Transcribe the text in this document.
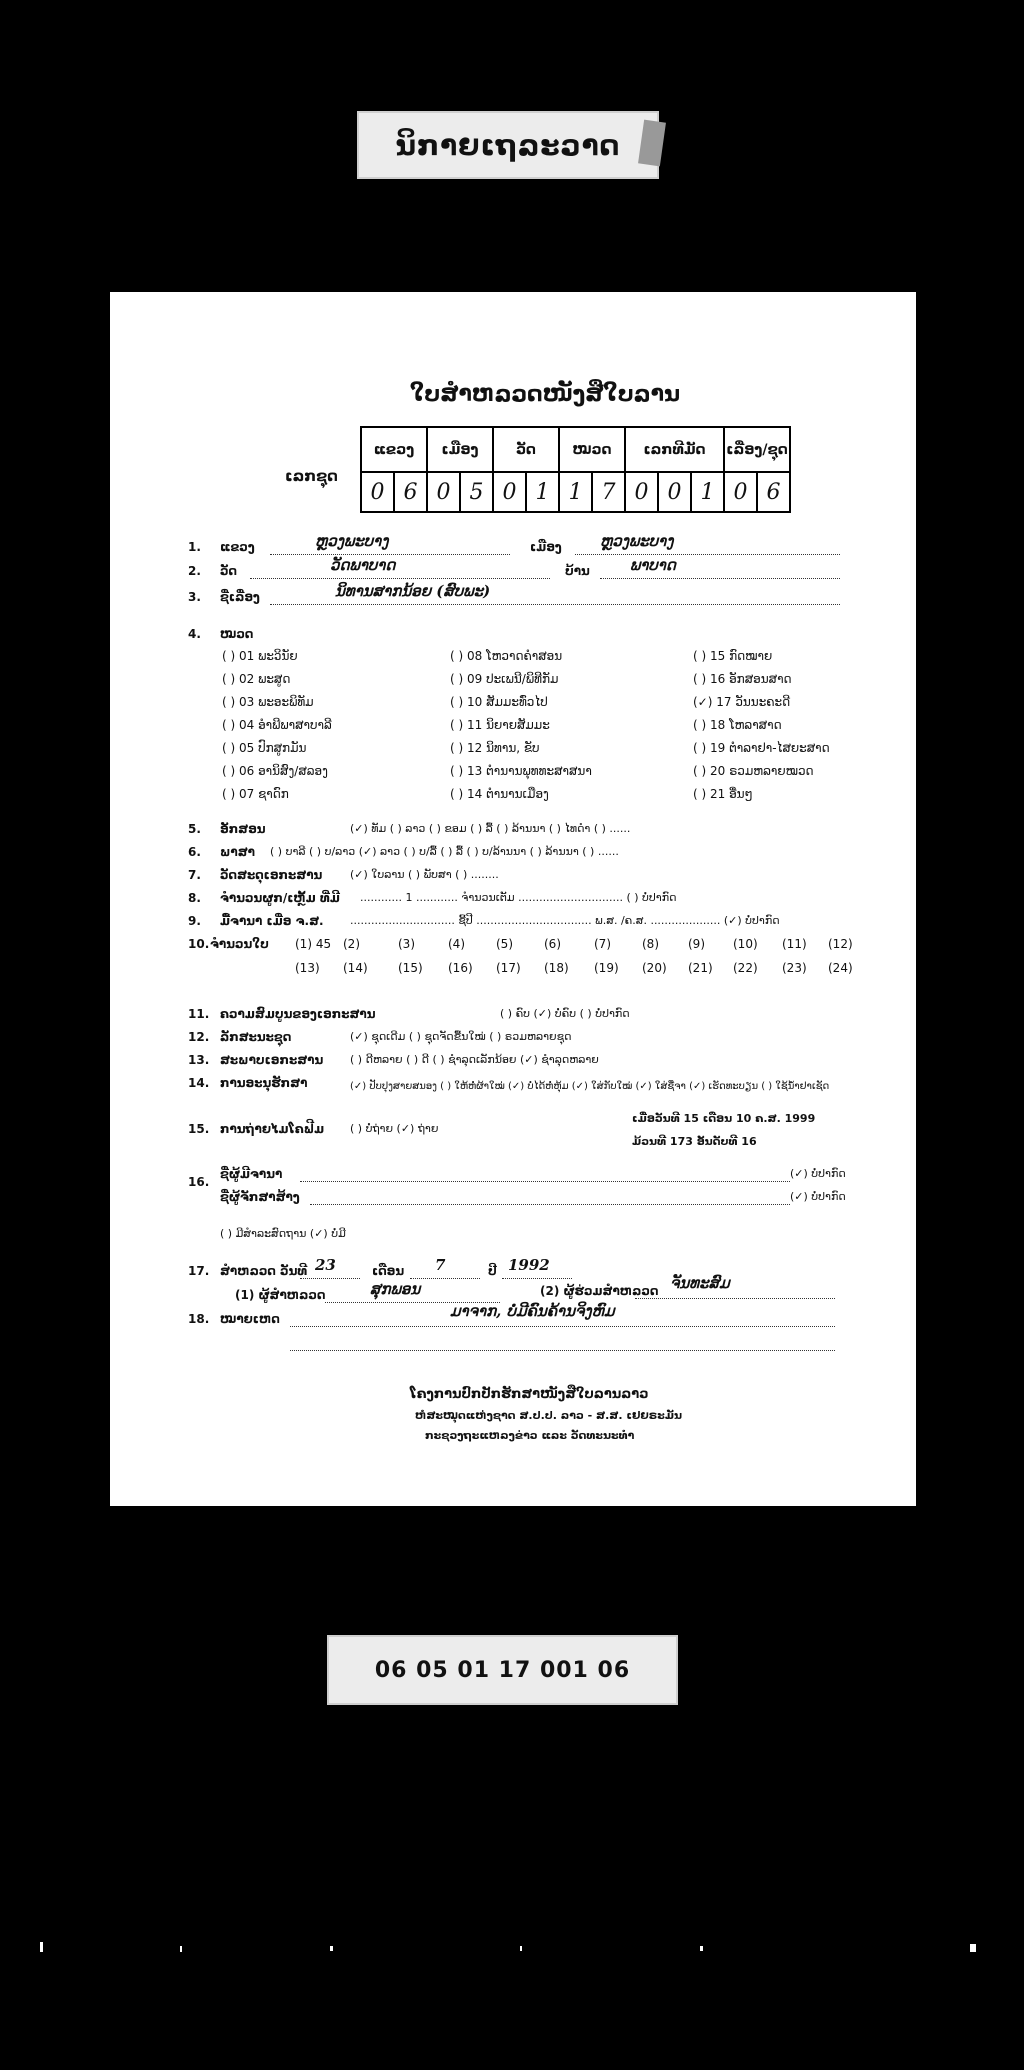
ນິກາຍເຖລະວາດ
ໃບສຳຫລວດໜັງສືໃບລານ
ເລກຊຸດ
ແຂວງ		ເມືອງ		ວັດ		ໝວດ		ເລກທີມັດ			ເລື່ອງ/ຊຸດ	
0	6	0	5	0	1	1	7	0	0	1	0	6
1. ແຂວງ	ຫຼວງພະບາງ	ເມືອງ	ຫຼວງພະບາງ
2. ວັດ	ວັດພາບາດ	ບ້ານ	ພາບາດ
3. ຊື່ເລື່ອງ	ນິທານສາກນ້ອຍ (ສົບພະ)
4. ໝວດ
( ) 01 ພະວິນັຍ
( ) 02 ພະສູດ
( ) 03 ພະອະພິທັມ
( ) 04 ອຳພີພາສາບາລີ
( ) 05 ປົກສູກມັນ
( ) 06 ອານິສົງ/ສລອງ
( ) 07 ຊາດົກ
( ) 08 ໂຫວາດຄຳສອນ
( ) 09 ປະເພນີ/ພິທີກັມ
( ) 10 ສັມມະທົ່ວໄປ
( ) 11 ນິຍາຍສັມມະ
( ) 12 ນິທານ, ຂັບ
( ) 13 ຕຳນານພຸທທະສາສນາ
( ) 14 ຕຳນານເມືອງ
( ) 15 ກົດໝາຍ
( ) 16 ອັກສອນສາດ
(✓) 17 ວັນນະຄະດີ
( ) 18 ໂຫລາສາດ
( ) 19 ຕຳລາຢາ-ໄສຍະສາດ
( ) 20 ຣວມຫລາຍໝວດ
( ) 21 ອື່ນໆ
5. ອັກສອນ	(✓) ທັມ ( ) ລາວ ( ) ຂອມ ( ) ລື້ ( ) ລ້ານນາ ( ) ໄທດຳ ( ) ......
6. ພາສາ ( ) ບາລີ ( ) ບ/ລາວ (✓) ລາວ ( ) ບ/ລື້ ( ) ລື້ ( ) ບ/ລ້ານນາ ( ) ລ້ານນາ ( ) ......
7. ວັດສະດຸເອກະສານ	(✓) ໃບລານ ( ) ພັບສາ ( ) ........
8. ຈຳນວນຜູກ/ເຫຼັ້ມ ທີ່ມີ ............ 1 ............ ຈຳນວນເຕັມ .............................. ( ) ບໍ່ປາກົດ
9. ມື້ຈານາ ເມື່ອ ຈ.ສ. .............................. ຊີ້ປີ ................................. ພ.ສ. /ຄ.ສ. .................... (✓) ບໍ່ປາກົດ
10. ຈຳນວນໃບ (1) 45 (2)	(3)	(4)	(5)	(6)	(7)	(8) (9) (10) (11) (12)
(13) (14)	(15) (16) (17) (18) (19) (20) (21) (22) (23) (24)
11. ຄວາມສົມບູນຂອງເອກະສານ	( ) ຄົບ (✓) ບໍ່ຄົບ ( ) ບໍ່ປາກົດ
12. ລັກສະນະຊຸດ	(✓) ຊຸດເດີມ ( ) ຊຸດຈັດຂື້ນໃໝ່ ( ) ຣວມຫລາຍຊຸດ
13. ສະພາບເອກະສານ ( ) ດີຫລາຍ ( ) ດີ ( ) ຊຳລຸດເລັກນ້ອຍ (✓) ຊຳລຸດຫລາຍ
14. ການອະນຸຮັກສາ	(✓) ປັບປຸງສາຍສນອງ ( ) ໃຫ້ຫໍ່ຜ້າໃໝ່ (✓) ບໍ່ໄດ້ຫໍ່ຫຸ້ມ (✓) ໃສ່ກັບໃໝ່ (✓) ໃສ່ຊື່ຈາ (✓) ເຮັດທະບຽນ ( ) ໃຊ້ນ້ຳຢາເຊັດ
15. ການຖ່າຍໄມໂຄຟີມ ( ) ບໍ່ຖ່າຍ (✓) ຖ່າຍ
ເມື່ອວັນທີ 15 ເດືອນ 10 ຄ.ສ. 1999
ມ້ວນທີ 173 ອັນດັບທີ 16
16.
ຊື່ຜູ້ມີຈານາ	(✓) ບໍ່ປາກົດ
ຊື່ຜູ້ຈັກສາສ້າງ	(✓) ບໍ່ປາກົດ
( ) ມີສຳລະສົດຖານ (✓) ບໍ່ມີ
17. ສຳຫລວດ ວັນທີ 23	ເດືອນ 7	ປີ 1992
(1) ຜູ້ສຳຫລວດ	ສຸກພອນ	(2) ຜູ້ຮ່ວມສຳຫລວດ ຈັນທະສົມ
18. ໝາຍເຫດ	ມາຈາກ, ບໍ່ມີຄົນຄ້ານຈິງຫົມ
ໂຄງການປົກປັກຮັກສາໜັງສືໃບລານລາວ
ຫໍສະໝຸດແຫ່ງຊາດ ສ.ປ.ປ. ລາວ - ສ.ສ. ເຢຍຣະມັນ
ກະຊວງຖະແຫລງຂ່າວ ແລະ ວັດທະນະທຳ
06 05 01 17 001 06
